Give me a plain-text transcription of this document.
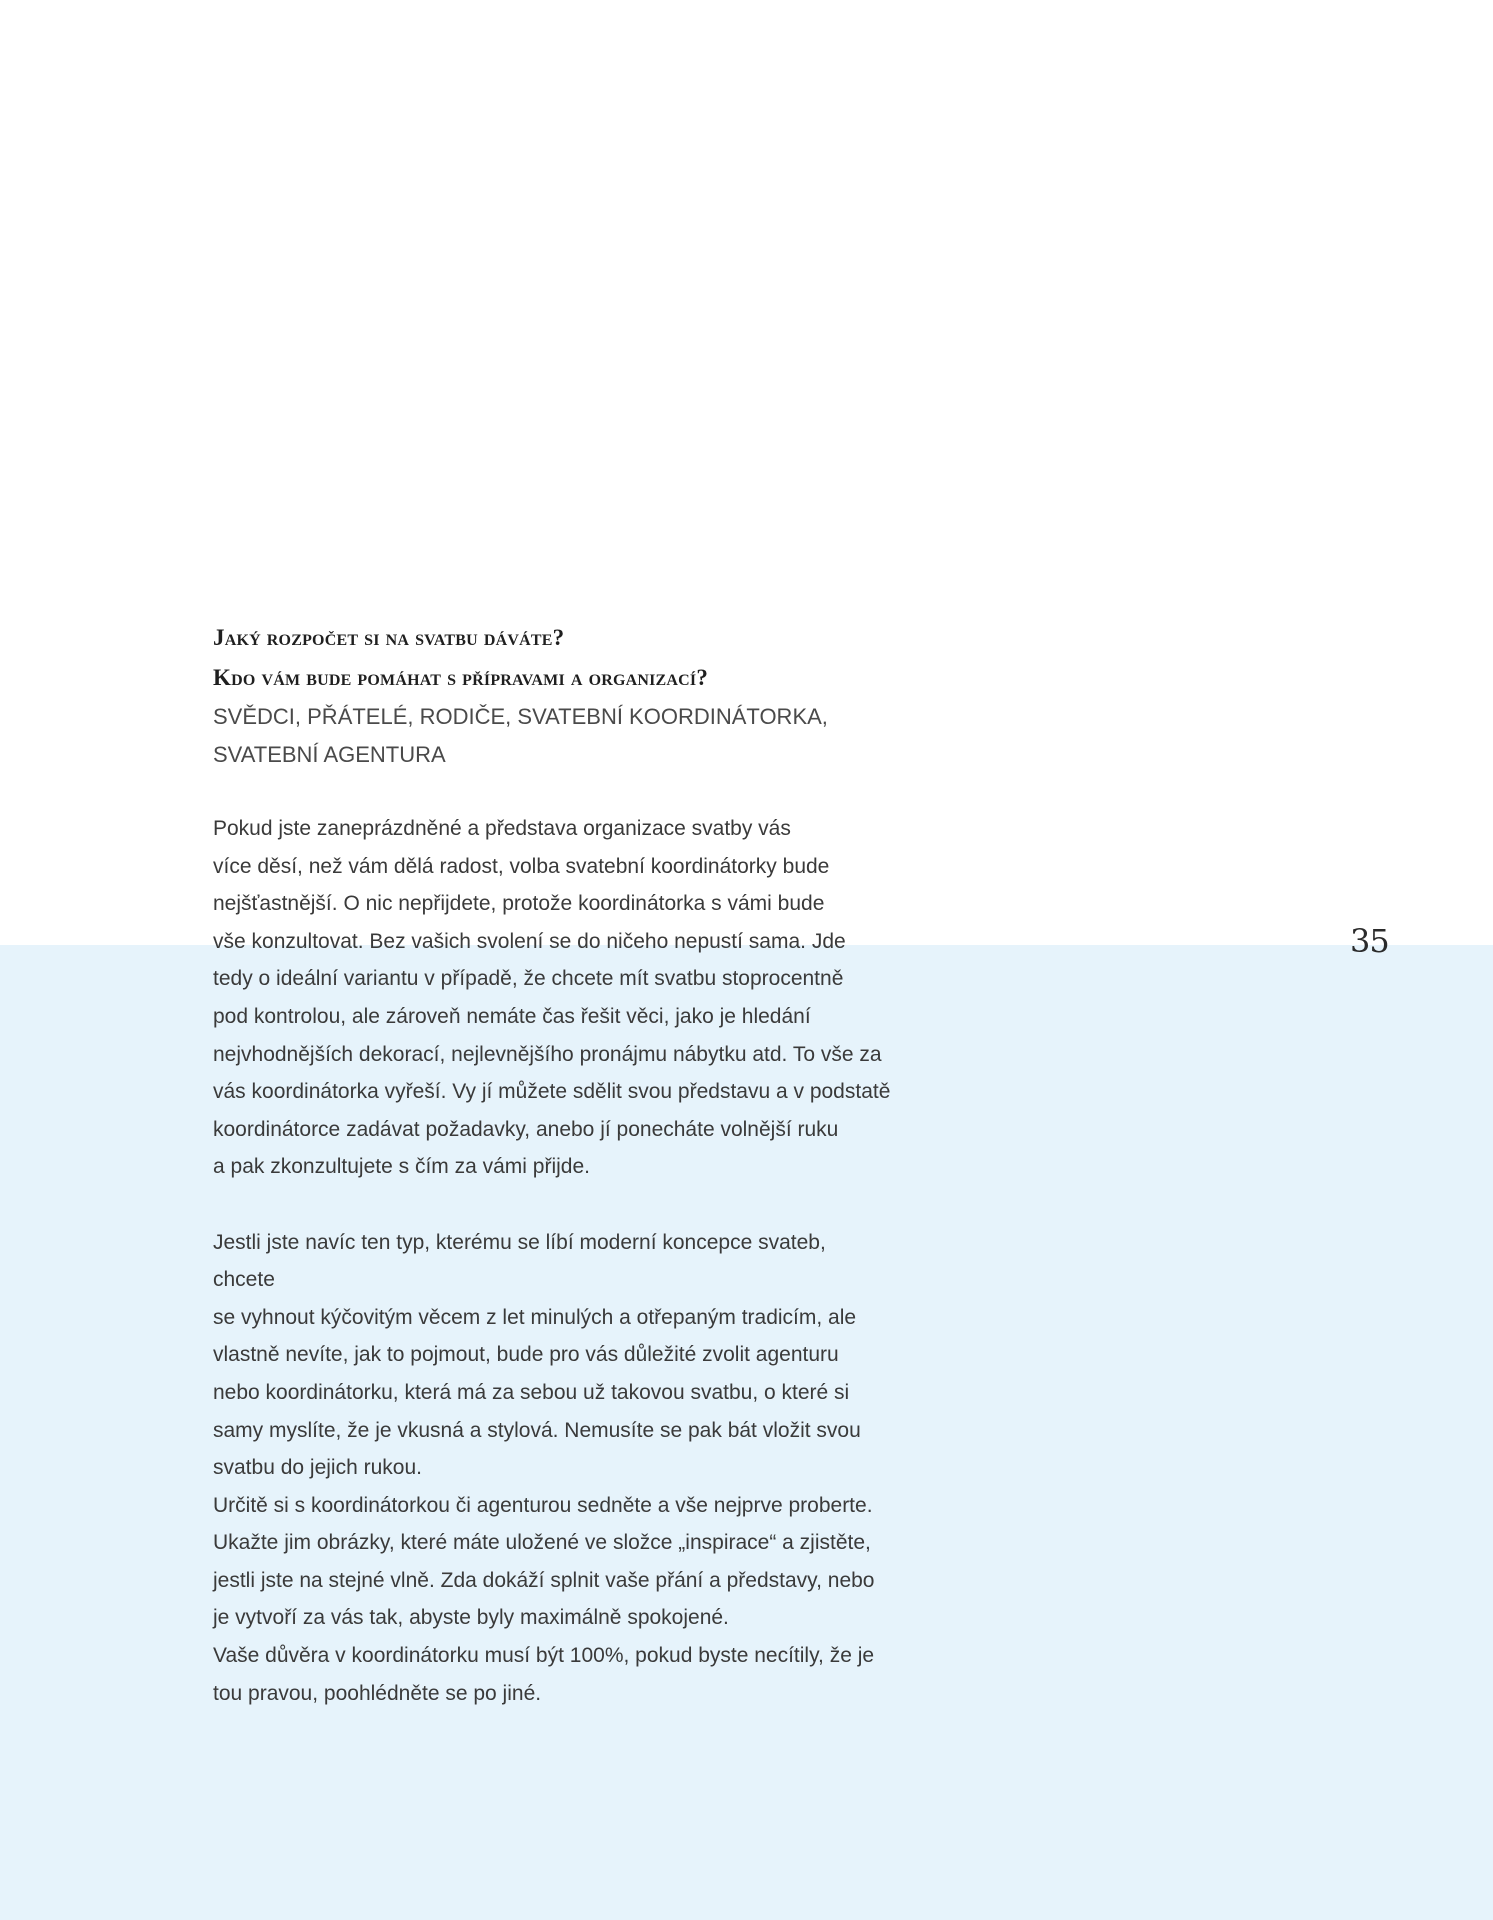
35

Jaký rozpočet si na svatbu dáváte?

Kdo vám bude pomáhat s přípravami a organizací?

SVĚDCI, PŘÁTELÉ, RODIČE, SVATEBNÍ KOORDINÁTORKA, SVATEBNÍ AGENTURA

Pokud jste zaneprázdněné a představa organizace svatby vás
více děsí, než vám dělá radost, volba svatební koordinátorky bude
nejšťastnější. O nic nepřijdete, protože koordinátorka s vámi bude
vše konzultovat. Bez vašich svolení se do ničeho nepustí sama. Jde
tedy o ideální variantu v případě, že chcete mít svatbu stoprocentně
pod kontrolou, ale zároveň nemáte čas řešit věci, jako je hledání
nejvhodnějších dekorací, nejlevnějšího pronájmu nábytku atd. To vše za
vás koordinátorka vyřeší. Vy jí můžete sdělit svou představu a v podstatě
koordinátorce zadávat požadavky, anebo jí ponecháte volnější ruku
a pak zkonzultujete s čím za vámi přijde.

Jestli jste navíc ten typ, kterému se líbí moderní koncepce svateb, chcete
se vyhnout kýčovitým věcem z let minulých a otřepaným tradicím, ale
vlastně nevíte, jak to pojmout, bude pro vás důležité zvolit agenturu
nebo koordinátorku, která má za sebou už takovou svatbu, o které si
samy myslíte, že je vkusná a stylová. Nemusíte se pak bát vložit svou
svatbu do jejich rukou.

Určitě si s koordinátorkou či agenturou sedněte a vše nejprve proberte.
Ukažte jim obrázky, které máte uložené ve složce „inspirace“ a zjistěte,
jestli jste na stejné vlně. Zda dokáží splnit vaše přání a představy, nebo
je vytvoří za vás tak, abyste byly maximálně spokojené.

Vaše důvěra v koordinátorku musí být 100%, pokud byste necítily, že je
tou pravou, poohlédněte se po jiné.
